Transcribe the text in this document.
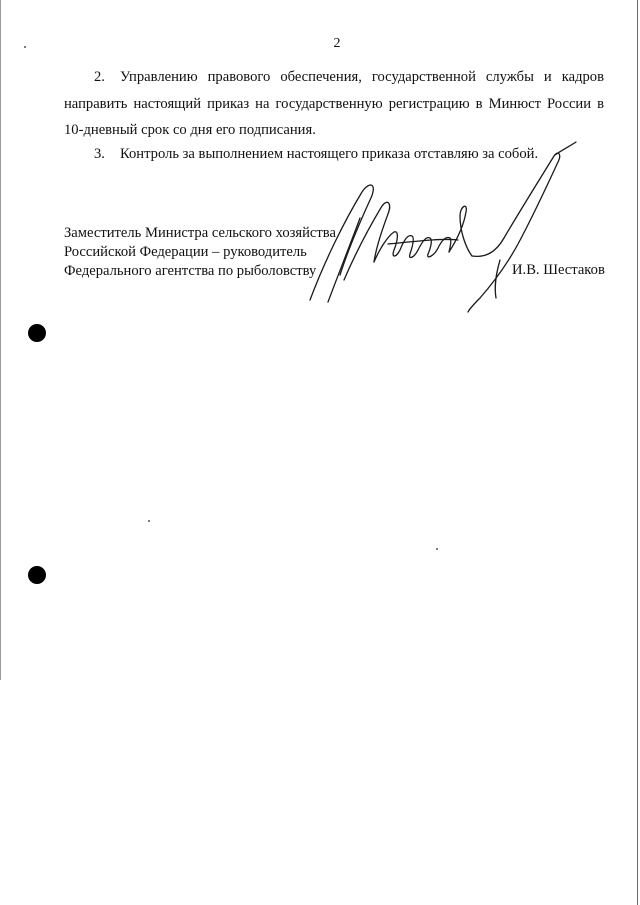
2

2. Управлению правового обеспечения, государственной службы и кадров направить настоящий приказ на государственную регистрацию в Минюст России в 10-дневный срок со дня его подписания.

3. Контроль за выполнением настоящего приказа отставляю за собой.

Заместитель Министра сельского хозяйства
Российской Федерации – руководитель
Федерального агентства по рыболовству	И.В. Шестаков
